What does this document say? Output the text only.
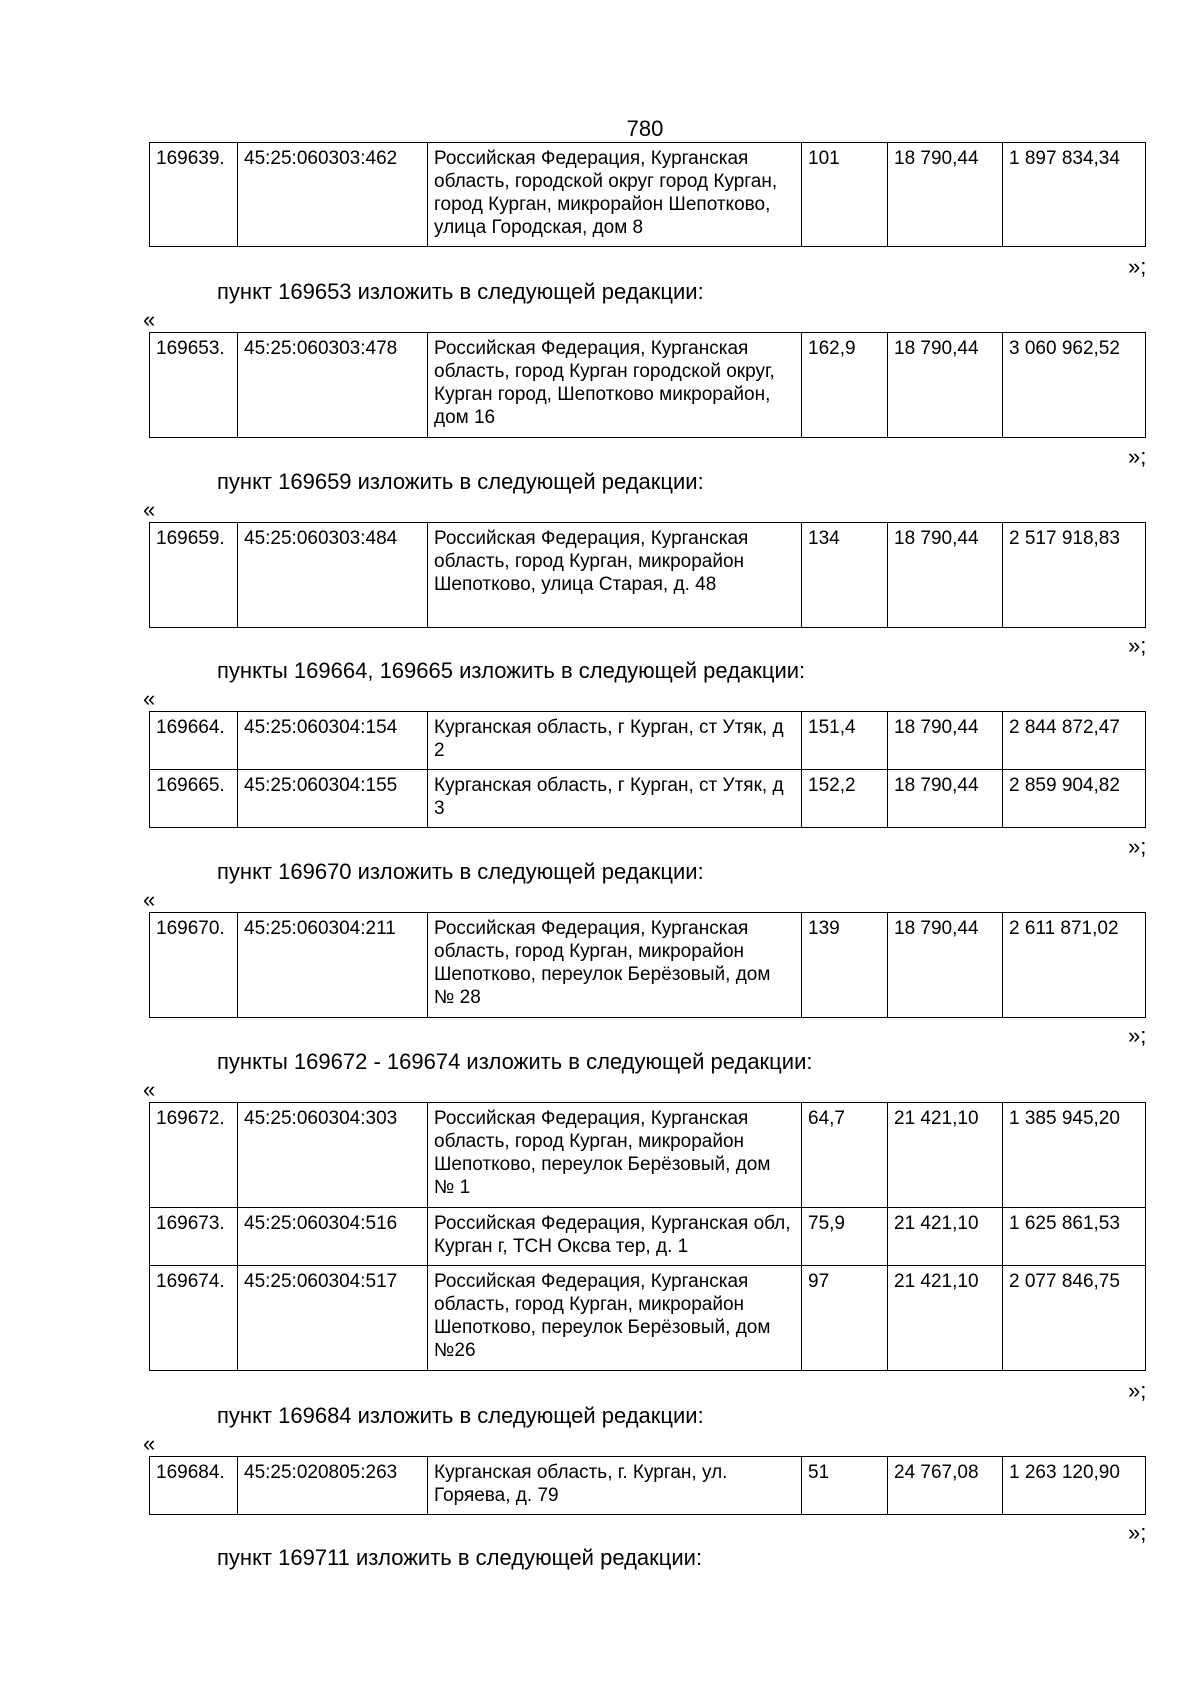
780
169639.	45:25:060303:462	Российская Федерация, Курганская область, городской округ город Курган, город Курган, микрорайон Шепотково, улица Городская, дом 8	101	18 790,44	1 897 834,34
»;
пункт 169653 изложить в следующей редакции:
«
169653.	45:25:060303:478	Российская Федерация, Курганская область, город Курган городской округ, Курган город, Шепотково микрорайон, дом 16	162,9	18 790,44	3 060 962,52
»;
пункт 169659 изложить в следующей редакции:
«
169659.	45:25:060303:484	Российская Федерация, Курганская область, город Курган, микрорайон Шепотково, улица Старая, д. 48	134	18 790,44	2 517 918,83
»;
пункты 169664, 169665 изложить в следующей редакции:
«
169664.	45:25:060304:154	Курганская область, г Курган, ст Утяк, д 2	151,4	18 790,44	2 844 872,47
169665.	45:25:060304:155	Курганская область, г Курган, ст Утяк, д 3	152,2	18 790,44	2 859 904,82
»;
пункт 169670 изложить в следующей редакции:
«
169670.	45:25:060304:211	Российская Федерация, Курганская область, город Курган, микрорайон Шепотково, переулок Берёзовый, дом № 28	139	18 790,44	2 611 871,02
»;
пункты 169672 - 169674 изложить в следующей редакции:
«
169672.	45:25:060304:303	Российская Федерация, Курганская область, город Курган, микрорайон Шепотково, переулок Берёзовый, дом № 1	64,7	21 421,10	1 385 945,20
169673.	45:25:060304:516	Российская Федерация, Курганская обл, Курган г, ТСН Оксва тер, д. 1	75,9	21 421,10	1 625 861,53
169674.	45:25:060304:517	Российская Федерация, Курганская область, город Курган, микрорайон Шепотково, переулок Берёзовый, дом №26	97	21 421,10	2 077 846,75
»;
пункт 169684 изложить в следующей редакции:
«
169684.	45:25:020805:263	Курганская область, г. Курган, ул. Горяева, д. 79	51	24 767,08	1 263 120,90
»;
пункт 169711 изложить в следующей редакции:
